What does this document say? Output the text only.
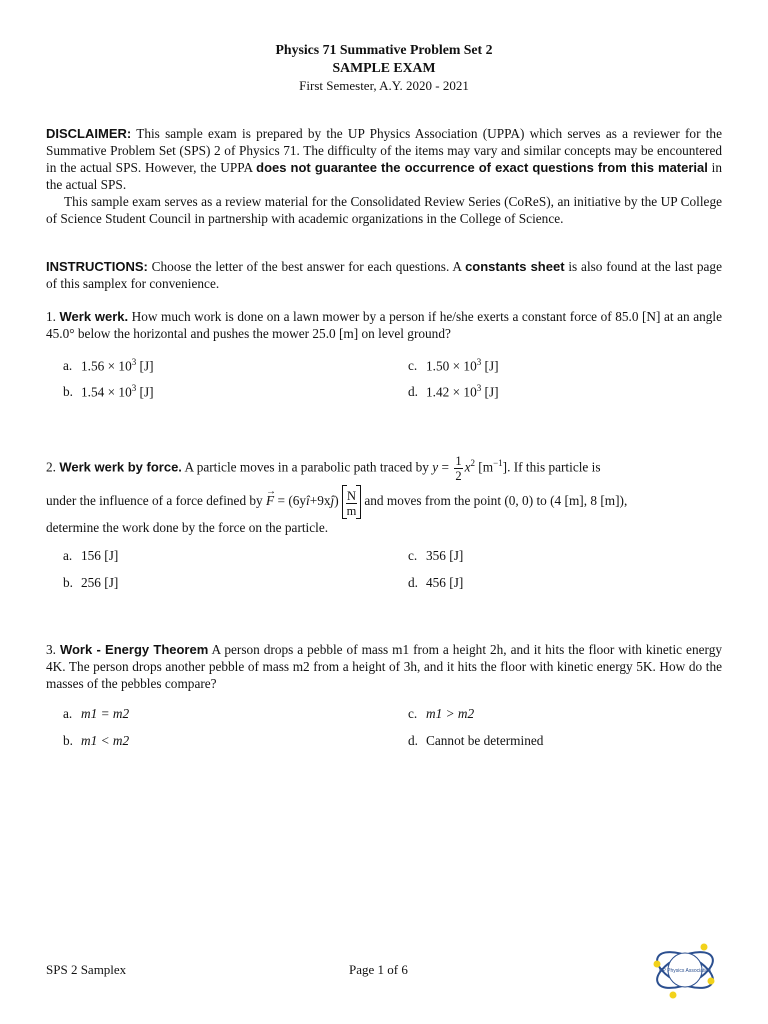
Physics 71 Summative Problem Set 2
SAMPLE EXAM
First Semester, A.Y. 2020 - 2021
DISCLAIMER: This sample exam is prepared by the UP Physics Association (UPPA) which serves as a reviewer for the Summative Problem Set (SPS) 2 of Physics 71. The difficulty of the items may vary and similar concepts may be encountered in the actual SPS. However, the UPPA does not guarantee the occurrence of exact questions from this material in the actual SPS.
This sample exam serves as a review material for the Consolidated Review Series (CoReS), an initiative by the UP College of Science Student Council in partnership with academic organizations in the College of Science.
INSTRUCTIONS: Choose the letter of the best answer for each questions. A constants sheet is also found at the last page of this samplex for convenience.
1. Werk werk. How much work is done on a lawn mower by a person if he/she exerts a constant force of 85.0 [N] at an angle 45.0° below the horizontal and pushes the mower 25.0 [m] on level ground?
a. $1.56 \times 10^3$ [J]
b. $1.54 \times 10^3$ [J]
c. $1.50 \times 10^3$ [J]
d. $1.42 \times 10^3$ [J]
2. Werk werk by force. A particle moves in a parabolic path traced by $y = \frac{1}{2} x^2$ $[m^{-1}]$. If this particle is
under the influence of a force defined by
→
F = (6yî+9xĵ) $\frac{N}{m}$ and moves from the point (0, 0) to (4 [m], 8 [m]),
determine the work done by the force on the particle.
a. 156 [J]
b. 256 [J]
c. 356 [J]
d. 456 [J]
3. Work - Energy Theorem A person drops a pebble of mass m1 from a height 2h, and it hits the floor with kinetic energy 4K. The person drops another pebble of mass m2 from a height of 3h, and it hits the floor with kinetic energy 5K. How do the masses of the pebbles compare?
a. m1 = m2
b. m1 < m2
c. m1 > m2
d. Cannot be determined
SPS 2 Samplex	Page 1 of 6	UP Physics Association
